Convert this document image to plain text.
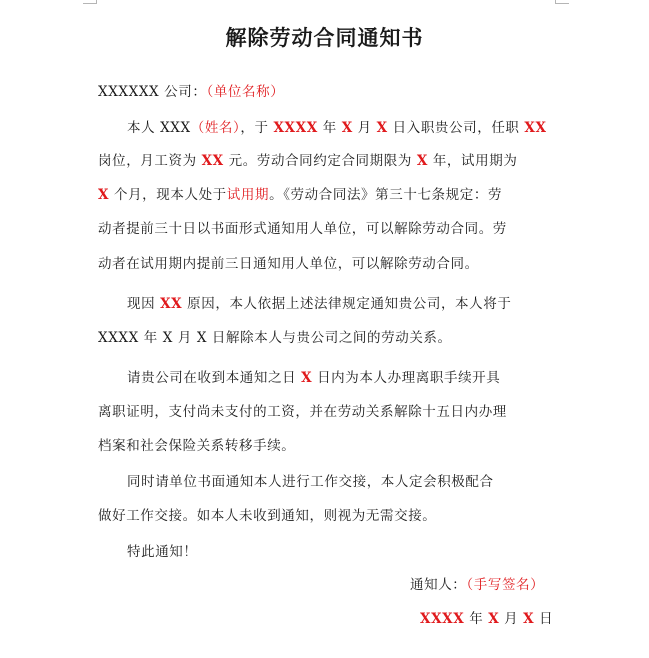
解除劳动合同通知书
XXXXXX 公司：（单位名称）
本人 XXX（姓名），于 XXXX 年 X 月 X 日入职贵公司，任职 XX
岗位，月工资为 XX 元。劳动合同约定合同期限为 X 年，试用期为
X 个月，现本人处于试用期。《劳动合同法》第三十七条规定：劳
动者提前三十日以书面形式通知用人单位，可以解除劳动合同。劳
动者在试用期内提前三日通知用人单位，可以解除劳动合同。
现因 XX 原因，本人依据上述法律规定通知贵公司，本人将于
XXXX 年 X 月 X 日解除本人与贵公司之间的劳动关系。
请贵公司在收到本通知之日 X 日内为本人办理离职手续开具
离职证明，支付尚未支付的工资，并在劳动关系解除十五日内办理
档案和社会保险关系转移手续。
同时请单位书面通知本人进行工作交接，本人定会积极配合
做好工作交接。如本人未收到通知，则视为无需交接。
特此通知！
通知人：（手写签名）
XXXX 年 X 月 X 日
